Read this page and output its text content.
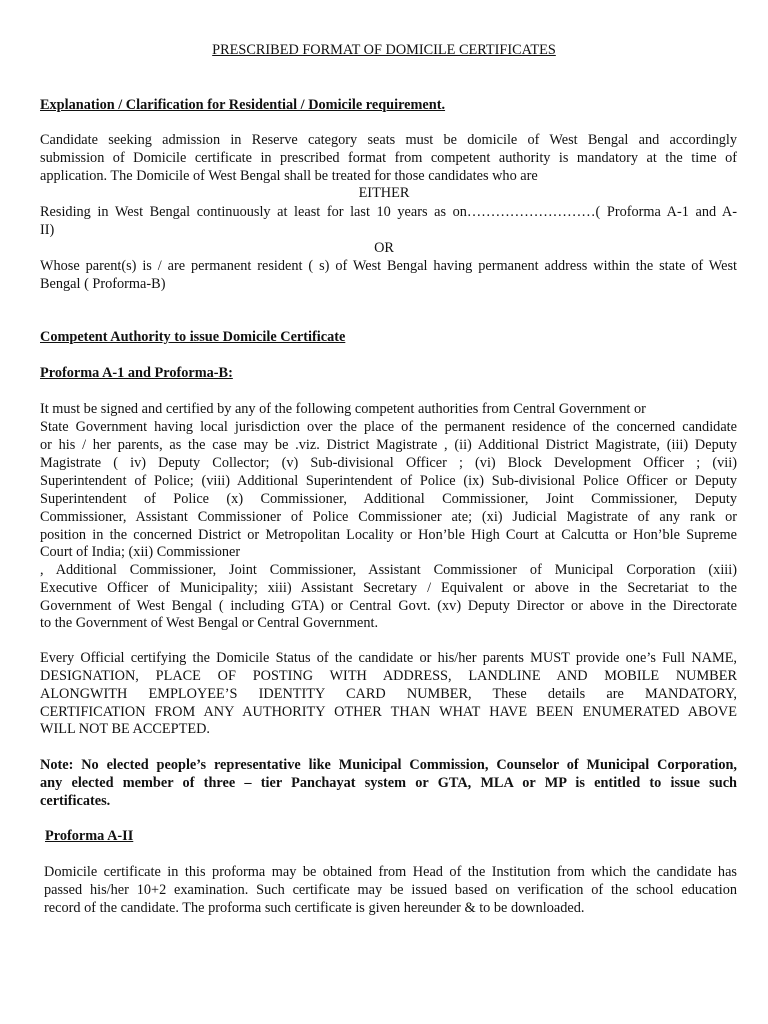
PRESCRIBED FORMAT OF DOMICILE CERTIFICATES
Explanation / Clarification for Residential / Domicile requirement.
Candidate seeking admission in Reserve category seats must be domicile of West Bengal and accordingly
submission of Domicile certificate in prescribed format from competent authority is mandatory at the time of
application. The Domicile of West Bengal shall be treated for those candidates who are
EITHER
Residing in West Bengal continuously at least for last 10 years as on………………………( Proforma A-1 and A-
II)
OR
Whose parent(s) is / are permanent resident ( s) of West Bengal having permanent address within the state of West
Bengal ( Proforma-B)
Competent Authority to issue Domicile Certificate
Proforma A-1 and Proforma-B:
It must be signed and certified by any of the following competent authorities from Central Government or
State Government having local jurisdiction over the place of the permanent residence of the concerned candidate
or his / her parents, as the case may be .viz. District Magistrate , (ii) Additional District Magistrate, (iii) Deputy
Magistrate ( iv) Deputy Collector; (v) Sub-divisional Officer ; (vi) Block Development Officer ; (vii)
Superintendent of Police; (viii) Additional Superintendent of Police (ix) Sub-divisional Police Officer or Deputy
Superintendent of Police (x) Commissioner, Additional Commissioner, Joint Commissioner, Deputy
Commissioner, Assistant Commissioner of Police Commissioner ate; (xi) Judicial Magistrate of any rank or
position in the concerned District or Metropolitan Locality or Hon’ble High Court at Calcutta or Hon’ble Supreme
Court of India; (xii) Commissioner
, Additional Commissioner, Joint Commissioner, Assistant Commissioner of Municipal Corporation (xiii)
Executive Officer of Municipality; xiii) Assistant Secretary / Equivalent or above in the Secretariat to the
Government of West Bengal ( including GTA) or Central Govt. (xv) Deputy Director or above in the Directorate
to the Government of West Bengal or Central Government.
Every Official certifying the Domicile Status of the candidate or his/her parents MUST provide one’s Full NAME,
DESIGNATION, PLACE OF POSTING WITH ADDRESS, LANDLINE AND MOBILE NUMBER
ALONGWITH EMPLOYEE’S IDENTITY CARD NUMBER, These details are MANDATORY,
CERTIFICATION FROM ANY AUTHORITY OTHER THAN WHAT HAVE BEEN ENUMERATED ABOVE
WILL NOT BE ACCEPTED.
Note: No elected people’s representative like Municipal Commission, Counselor of Municipal Corporation,
any elected member of three – tier Panchayat system or GTA, MLA or MP is entitled to issue such
certificates.
Proforma A-II
Domicile certificate in this proforma may be obtained from Head of the Institution from which the candidate has
passed his/her 10+2 examination. Such certificate may be issued based on verification of the school education
record of the candidate. The proforma such certificate is given hereunder & to be downloaded.
